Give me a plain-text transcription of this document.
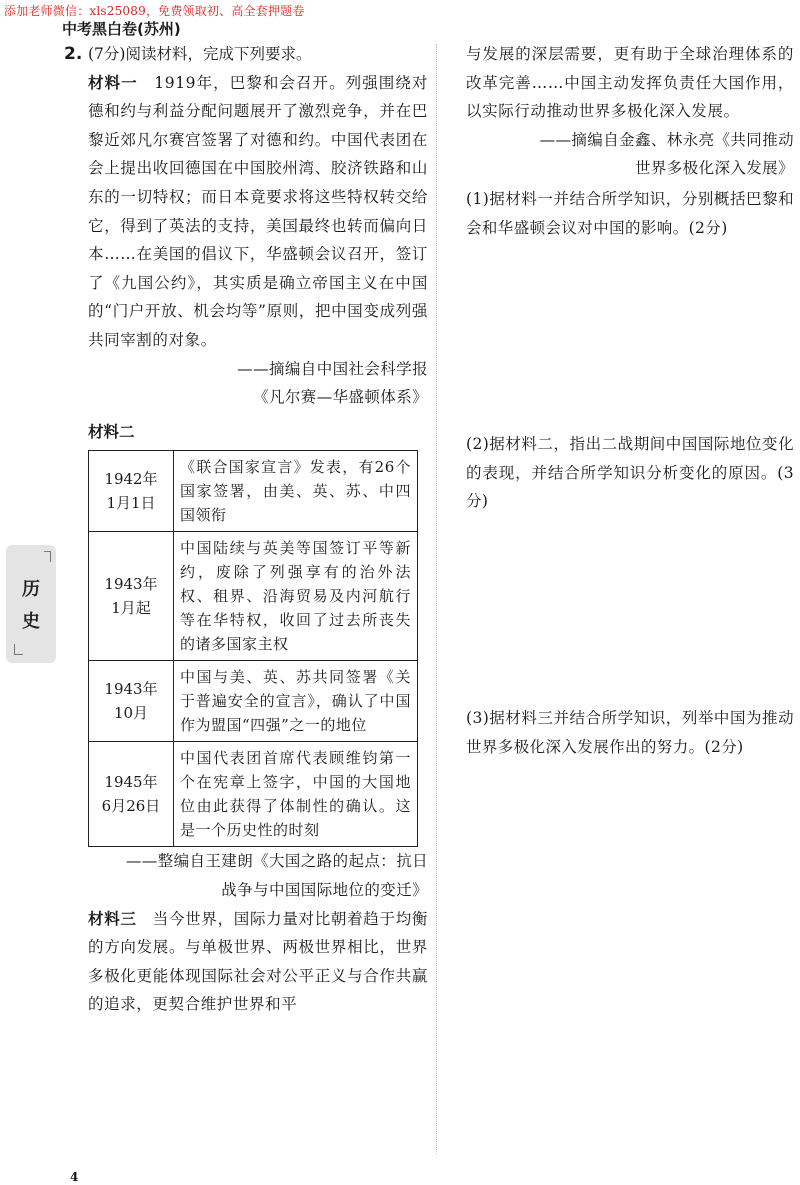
添加老师微信：xls25089，免费领取初、高全套押题卷
中考黑白卷(苏州)
历
史
2. (7分)阅读材料，完成下列要求。
材料一　1919年，巴黎和会召开。列强围绕对德和约与利益分配问题展开了激烈竞争，并在巴黎近郊凡尔赛宫签署了对德和约。中国代表团在会上提出收回德国在中国胶州湾、胶济铁路和山东的一切特权；而日本竟要求将这些特权转交给它，得到了英法的支持，美国最终也转而偏向日本……在美国的倡议下，华盛顿会议召开，签订了《九国公约》，其实质是确立帝国主义在中国的“门户开放、机会均等”原则，把中国变成列强共同宰割的对象。
——摘编自中国社会科学报
《凡尔赛—华盛顿体系》
材料二
1942年
1月1日	《联合国家宣言》发表，有26个国家签署，由美、英、苏、中四国领衔
1943年
1月起	中国陆续与英美等国签订平等新约，废除了列强享有的治外法权、租界、沿海贸易及内河航行等在华特权，收回了过去所丧失的诸多国家主权
1943年
10月	中国与美、英、苏共同签署《关于普遍安全的宣言》，确认了中国作为盟国“四强”之一的地位
1945年
6月26日	中国代表团首席代表顾维钧第一个在宪章上签字，中国的大国地位由此获得了体制性的确认。这是一个历史性的时刻
——整编自王建朗《大国之路的起点：抗日
战争与中国国际地位的变迁》
材料三　当今世界，国际力量对比朝着趋于均衡的方向发展。与单极世界、两极世界相比，世界多极化更能体现国际社会对公平正义与合作共赢的追求，更契合维护世界和平
与发展的深层需要，更有助于全球治理体系的改革完善……中国主动发挥负责任大国作用，以实际行动推动世界多极化深入发展。
——摘编自金鑫、林永亮《共同推动
世界多极化深入发展》
(1)据材料一并结合所学知识，分别概括巴黎和会和华盛顿会议对中国的影响。(2分)
(2)据材料二，指出二战期间中国国际地位变化的表现，并结合所学知识分析变化的原因。(3分)
(3)据材料三并结合所学知识，列举中国为推动世界多极化深入发展作出的努力。(2分)
4
